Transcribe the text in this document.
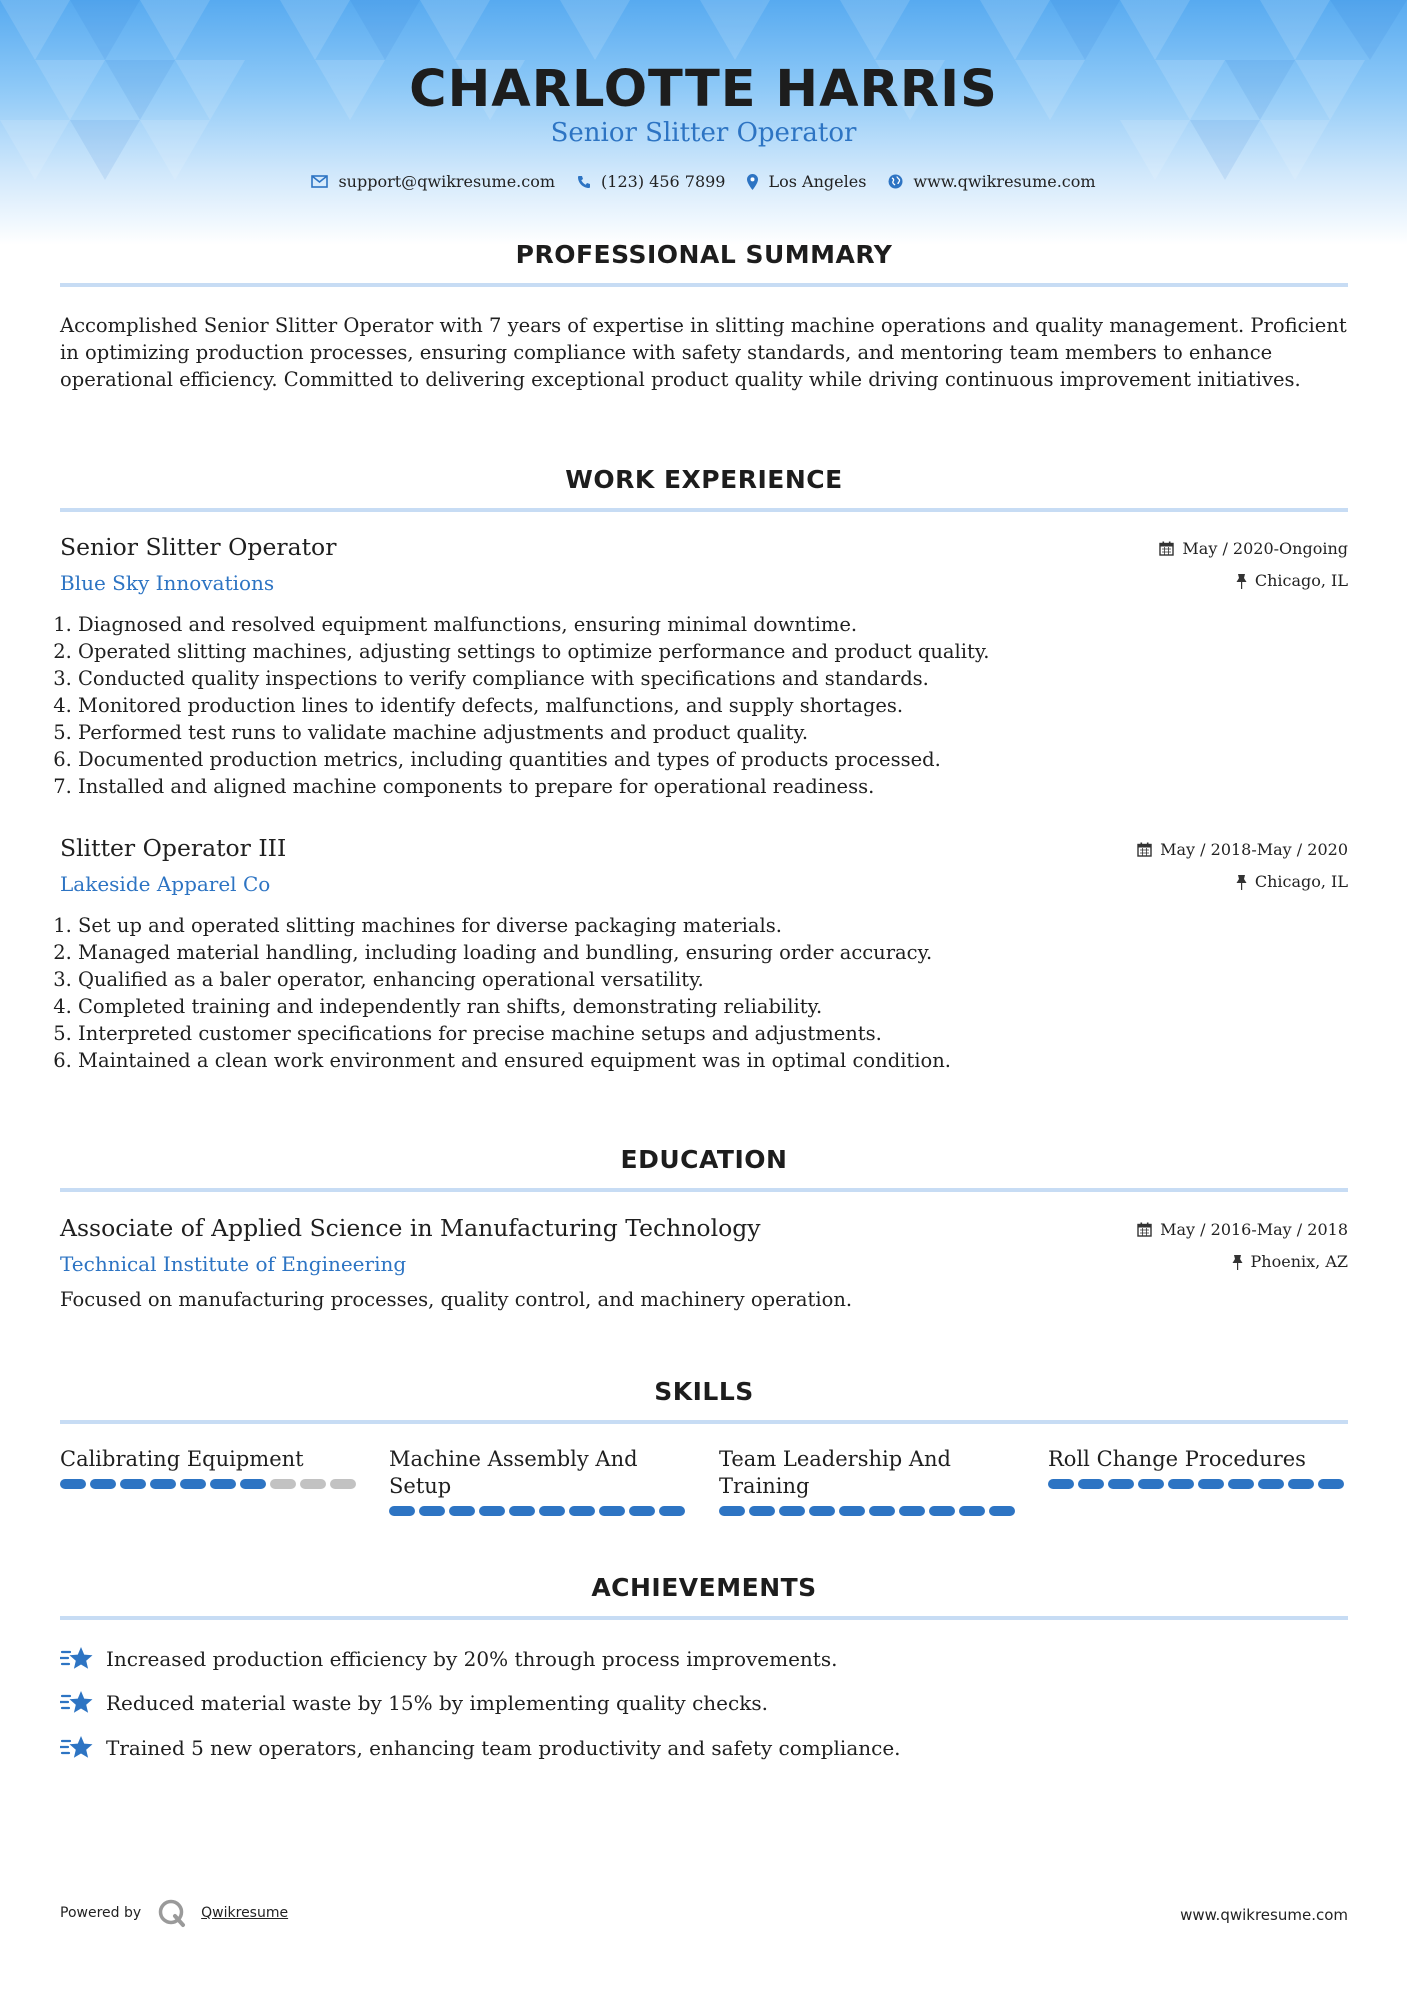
CHARLOTTE HARRIS
Senior Slitter Operator
support@qwikresume.com	(123) 456 7899	Los Angeles	www.qwikresume.com
PROFESSIONAL SUMMARY
Accomplished Senior Slitter Operator with 7 years of expertise in slitting machine operations and quality management. Proficient in optimizing production processes, ensuring compliance with safety standards, and mentoring team members to enhance operational efficiency. Committed to delivering exceptional product quality while driving continuous improvement initiatives.
WORK EXPERIENCE
Senior Slitter Operator
Blue Sky Innovations
May / 2020-Ongoing
Chicago, IL
1. Diagnosed and resolved equipment malfunctions, ensuring minimal downtime.
2. Operated slitting machines, adjusting settings to optimize performance and product quality.
3. Conducted quality inspections to verify compliance with specifications and standards.
4. Monitored production lines to identify defects, malfunctions, and supply shortages.
5. Performed test runs to validate machine adjustments and product quality.
6. Documented production metrics, including quantities and types of products processed.
7. Installed and aligned machine components to prepare for operational readiness.
Slitter Operator III
Lakeside Apparel Co
May / 2018-May / 2020
Chicago, IL
1. Set up and operated slitting machines for diverse packaging materials.
2. Managed material handling, including loading and bundling, ensuring order accuracy.
3. Qualified as a baler operator, enhancing operational versatility.
4. Completed training and independently ran shifts, demonstrating reliability.
5. Interpreted customer specifications for precise machine setups and adjustments.
6. Maintained a clean work environment and ensured equipment was in optimal condition.
EDUCATION
Associate of Applied Science in Manufacturing Technology
Technical Institute of Engineering
May / 2016-May / 2018
Phoenix, AZ
Focused on manufacturing processes, quality control, and machinery operation.
SKILLS
Calibrating Equipment	Machine Assembly And Setup
Team Leadership And Training
Roll Change Procedures
ACHIEVEMENTS
Increased production efficiency by 20% through process improvements.
Reduced material waste by 15% by implementing quality checks.
Trained 5 new operators, enhancing team productivity and safety compliance.
Powered by	Qwikresume	www.qwikresume.com
